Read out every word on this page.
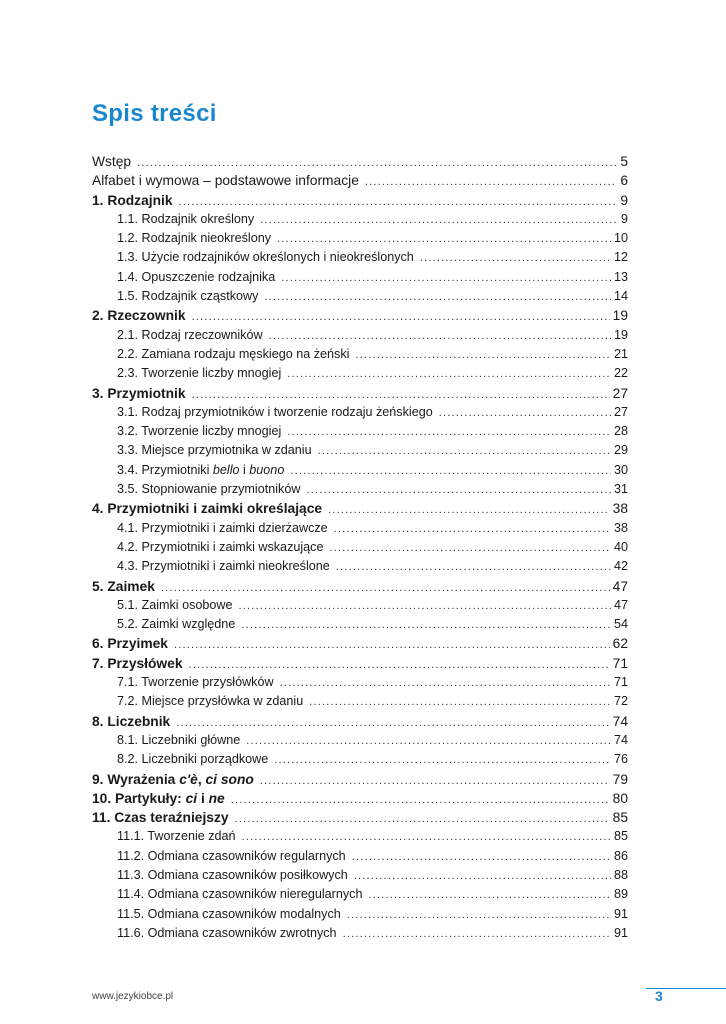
Spis treści
Wstęp .....	5
Alfabet i wymowa – podstawowe informacje .....	6
1. Rodzajnik .....	9
1.1. Rodzajnik określony .....	9
1.2. Rodzajnik nieokreślony .....	10
1.3. Użycie rodzajników określonych i nieokreślonych .....	12
1.4. Opuszczenie rodzajnika .....	13
1.5. Rodzajnik cząstkowy .....	14
2. Rzeczownik .....	19
2.1. Rodzaj rzeczowników .....	19
2.2. Zamiana rodzaju męskiego na żeński .....	21
2.3. Tworzenie liczby mnogiej .....	22
3. Przymiotnik .....	27
3.1. Rodzaj przymiotników i tworzenie rodzaju żeńskiego .....	27
3.2. Tworzenie liczby mnogiej .....	28
3.3. Miejsce przymiotnika w zdaniu .....	29
3.4. Przymiotniki bello i buono .....	30
3.5. Stopniowanie przymiotników .....	31
4. Przymiotniki i zaimki określające .....	38
4.1. Przymiotniki i zaimki dzierżawcze .....	38
4.2. Przymiotniki i zaimki wskazujące .....	40
4.3. Przymiotniki i zaimki nieokreślone .....	42
5. Zaimek .....	47
5.1. Zaimki osobowe .....	47
5.2. Zaimki względne .....	54
6. Przyimek .....	62
7. Przysłówek .....	71
7.1. Tworzenie przysłówków .....	71
7.2. Miejsce przysłówka w zdaniu .....	72
8. Liczebnik .....	74
8.1. Liczebniki główne .....	74
8.2. Liczebniki porządkowe .....	76
9. Wyrażenia c'è, ci sono .....	79
10. Partykuły: ci i ne .....	80
11. Czas teraźniejszy .....	85
11.1. Tworzenie zdań .....	85
11.2. Odmiana czasowników regularnych .....	86
11.3. Odmiana czasowników posiłkowych .....	88
11.4. Odmiana czasowników nieregularnych .....	89
11.5. Odmiana czasowników modalnych .....	91
11.6. Odmiana czasowników zwrotnych .....	91
www.jezykiobce.pl	3
